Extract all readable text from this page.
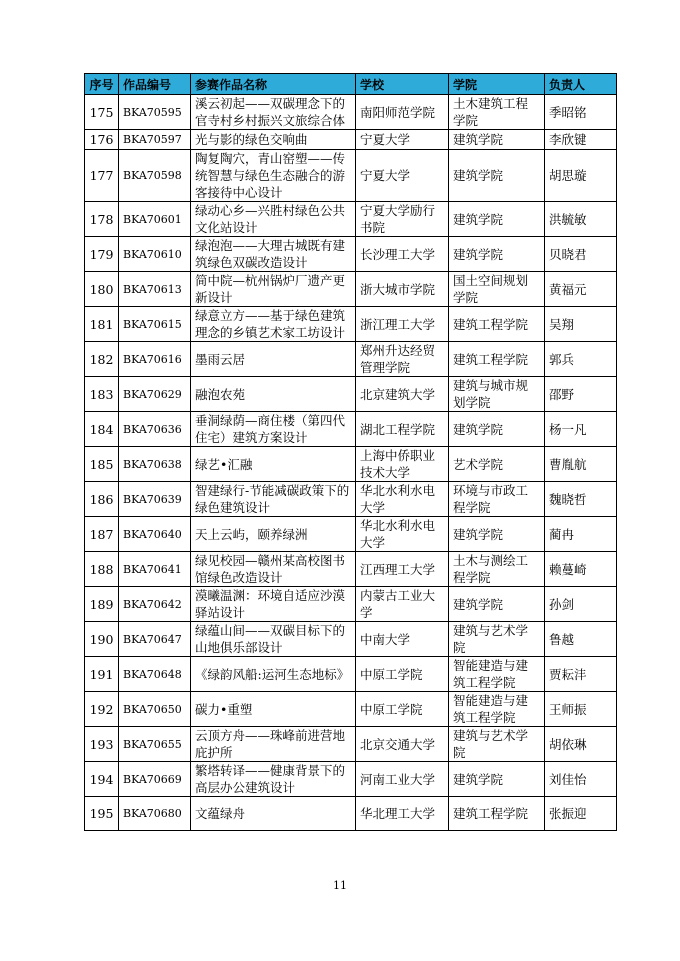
序号	作品编号	参赛作品名称	学校	学院	负责人
175	BKA70595	溪云初起——双碳理念下的官寺村乡村振兴文旅综合体	南阳师范学院	土木建筑工程学院	季昭铭
176	BKA70597	光与影的绿色交响曲	宁夏大学	建筑学院	李欣键
177	BKA70598	陶复陶穴，青山窑塑——传统智慧与绿色生态融合的游客接待中心设计	宁夏大学	建筑学院	胡思璇
178	BKA70601	绿动心乡—兴胜村绿色公共文化站设计	宁夏大学励行书院	建筑学院	洪毓敏
179	BKA70610	绿泡泡——大理古城既有建筑绿色双碳改造设计	长沙理工大学	建筑学院	贝晓君
180	BKA70613	简中院—杭州锅炉厂遗产更新设计	浙大城市学院	国土空间规划学院	黄福元
181	BKA70615	绿意立方——基于绿色建筑理念的乡镇艺术家工坊设计	浙江理工大学	建筑工程学院	吴翔
182	BKA70616	墨雨云居	郑州升达经贸管理学院	建筑工程学院	郭兵
183	BKA70629	融泡农苑	北京建筑大学	建筑与城市规划学院	邵野
184	BKA70636	垂洞绿荫—商住楼（第四代住宅）建筑方案设计	湖北工程学院	建筑学院	杨一凡
185	BKA70638	绿艺•汇融	上海中侨职业技术大学	艺术学院	曹胤航
186	BKA70639	智建绿行-节能减碳政策下的绿色建筑设计	华北水利水电大学	环境与市政工程学院	魏晓哲
187	BKA70640	天上云屿，颐养绿洲	华北水利水电大学	建筑学院	蔺冉
188	BKA70641	绿见校园—赣州某高校图书馆绿色改造设计	江西理工大学	土木与测绘工程学院	赖蔓崎
189	BKA70642	漠曦温渊：环境自适应沙漠驿站设计	内蒙古工业大学	建筑学院	孙剑
190	BKA70647	绿蕴山间——双碳目标下的山地俱乐部设计	中南大学	建筑与艺术学院	鲁越
191	BKA70648	《绿韵风船:运河生态地标》	中原工学院	智能建造与建筑工程学院	贾耘沣
192	BKA70650	碳力•重塑	中原工学院	智能建造与建筑工程学院	王师振
193	BKA70655	云顶方舟——珠峰前进营地庇护所	北京交通大学	建筑与艺术学院	胡依琳
194	BKA70669	繁塔转译——健康背景下的高层办公建筑设计	河南工业大学	建筑学院	刘佳怡
195	BKA70680	文蕴绿舟	华北理工大学	建筑工程学院	张振迎
11
